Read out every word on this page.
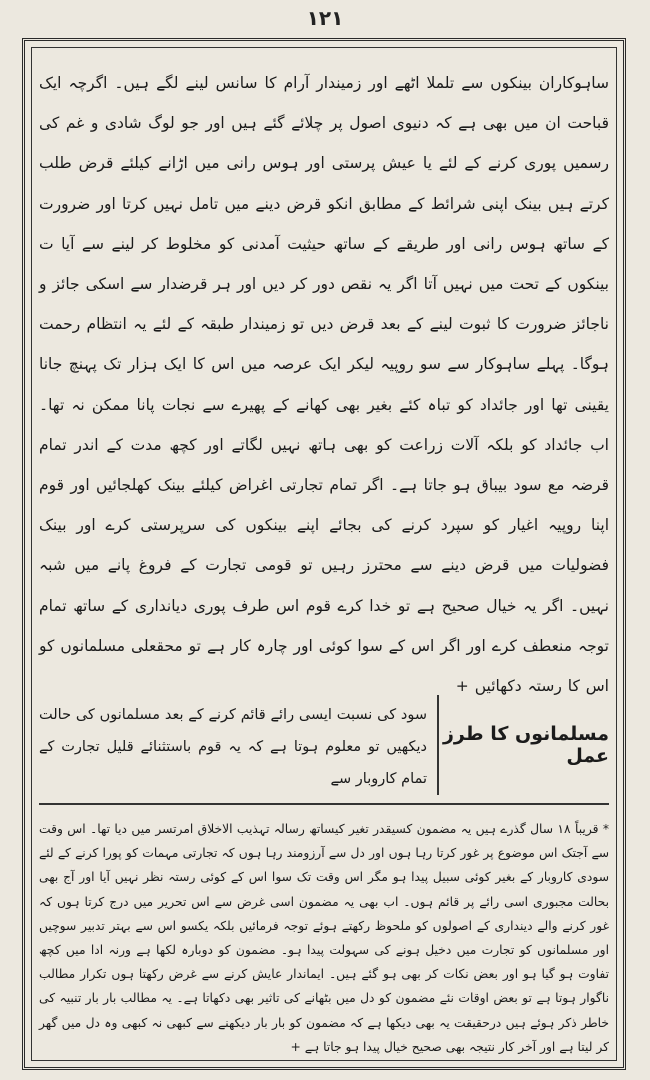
۱۲۱

ساہوکاران بینکوں سے تلملا اٹھے اور زمیندار آرام کا سانس لینے لگے ہیں۔ اگرچہ ایک قباحت ان میں بھی ہے کہ دنیوی اصول پر چلائے گئے ہیں اور جو لوگ شادی و غم کی رسمیں پوری کرنے کے لئے یا عیش پرستی اور ہوس رانی میں اڑانے کیلئے قرض طلب کرتے ہیں بینک اپنی شرائط کے مطابق انکو قرض دینے میں تامل نہیں کرتا اور ضرورت کے ساتھ ہوس رانی اور طریقے کے ساتھ حیثیت آمدنی کو مخلوط کر لینے سے آیا ت بینکوں کے تحت میں نہیں آتا اگر یہ نقص دور کر دیں اور ہر قرضدار سے اسکی جائز و ناجائز ضرورت کا ثبوت لینے کے بعد قرض دیں تو زمیندار طبقہ کے لئے یہ انتظام رحمت ہوگا۔ پہلے ساہوکار سے سو روپیہ لیکر ایک عرصہ میں اس کا ایک ہزار تک پہنچ جانا یقینی تھا اور جائداد کو تباہ کئے بغیر بھی کھانے کے پھیرے سے نجات پانا ممکن نہ تھا۔ اب جائداد کو بلکہ آلات زراعت کو بھی ہاتھ نہیں لگاتے اور کچھ مدت کے اندر تمام قرضہ مع سود بیباق ہو جاتا ہے۔ اگر تمام تجارتی اغراض کیلئے بینک کھلجائیں اور قوم اپنا روپیہ اغیار کو سپرد کرنے کی بجائے اپنے بینکوں کی سرپرستی کرے اور بینک فضولیات میں قرض دینے سے محترز رہیں تو قومی تجارت کے فروغ پانے میں شبہ نہیں۔ اگر یہ خیال صحیح ہے تو خدا کرے قوم اس طرف پوری دیانداری کے ساتھ تمام توجہ منعطف کرے اور اگر اس کے سوا کوئی اور چارہ کار ہے تو محقعلی مسلمانوں کو اس کا رستہ دکھائیں +

مسلمانوں کا طرز عمل
سود کی نسبت ایسی رائے قائم کرنے کے بعد مسلمانوں کی حالت دیکھیں تو معلوم ہوتا ہے کہ یہ قوم باستثنائے قلیل تجارت کے تمام کاروبار سے

* قریباً ۱۸ سال گذرے ہیں یہ مضمون کسیقدر تغیر کیساتھ رسالہ تہذیب الاخلاق امرتسر میں دیا تھا۔ اس وقت سے آجتک اس موضوع پر غور کرتا رہا ہوں اور دل سے آرزومند رہا ہوں کہ تجارتی مہمات کو پورا کرنے کے لئے سودی کاروبار کے بغیر کوئی سبیل پیدا ہو مگر اس وقت تک سوا اس کے کوئی رستہ نظر نہیں آیا اور آج بھی بحالت مجبوری اسی رائے پر قائم ہوں۔ اب بھی یہ مضمون اسی غرض سے اس تحریر میں درج کرتا ہوں کہ غور کرنے والے دینداری کے اصولوں کو ملحوظ رکھتے ہوئے توجہ فرمائیں بلکہ یکسو اس سے بہتر تدبیر سوچیں اور مسلمانوں کو تجارت میں دخیل ہونے کی سہولت پیدا ہو۔ مضمون کو دوبارہ لکھا ہے ورنہ ادا میں کچھ تفاوت ہو گیا ہو اور بعض نکات کر بھی ہو گئے ہیں۔ ایماندار عایش کرنے سے غرض رکھتا ہوں تکرار مطالب ناگوار ہوتا ہے تو بعض اوقات نئے مضمون کو دل میں بٹھانے کی تاثیر بھی دکھاتا ہے۔ یہ مطالب بار بار تنبیہ کی خاطر ذکر ہوئے ہیں درحقیقت یہ بھی دیکھا ہے کہ مضمون کو بار بار دیکھنے سے کبھی نہ کبھی وہ دل میں گھر کر لیتا ہے اور آخر کار نتیجہ بھی صحیح خیال پیدا ہو جاتا ہے +
